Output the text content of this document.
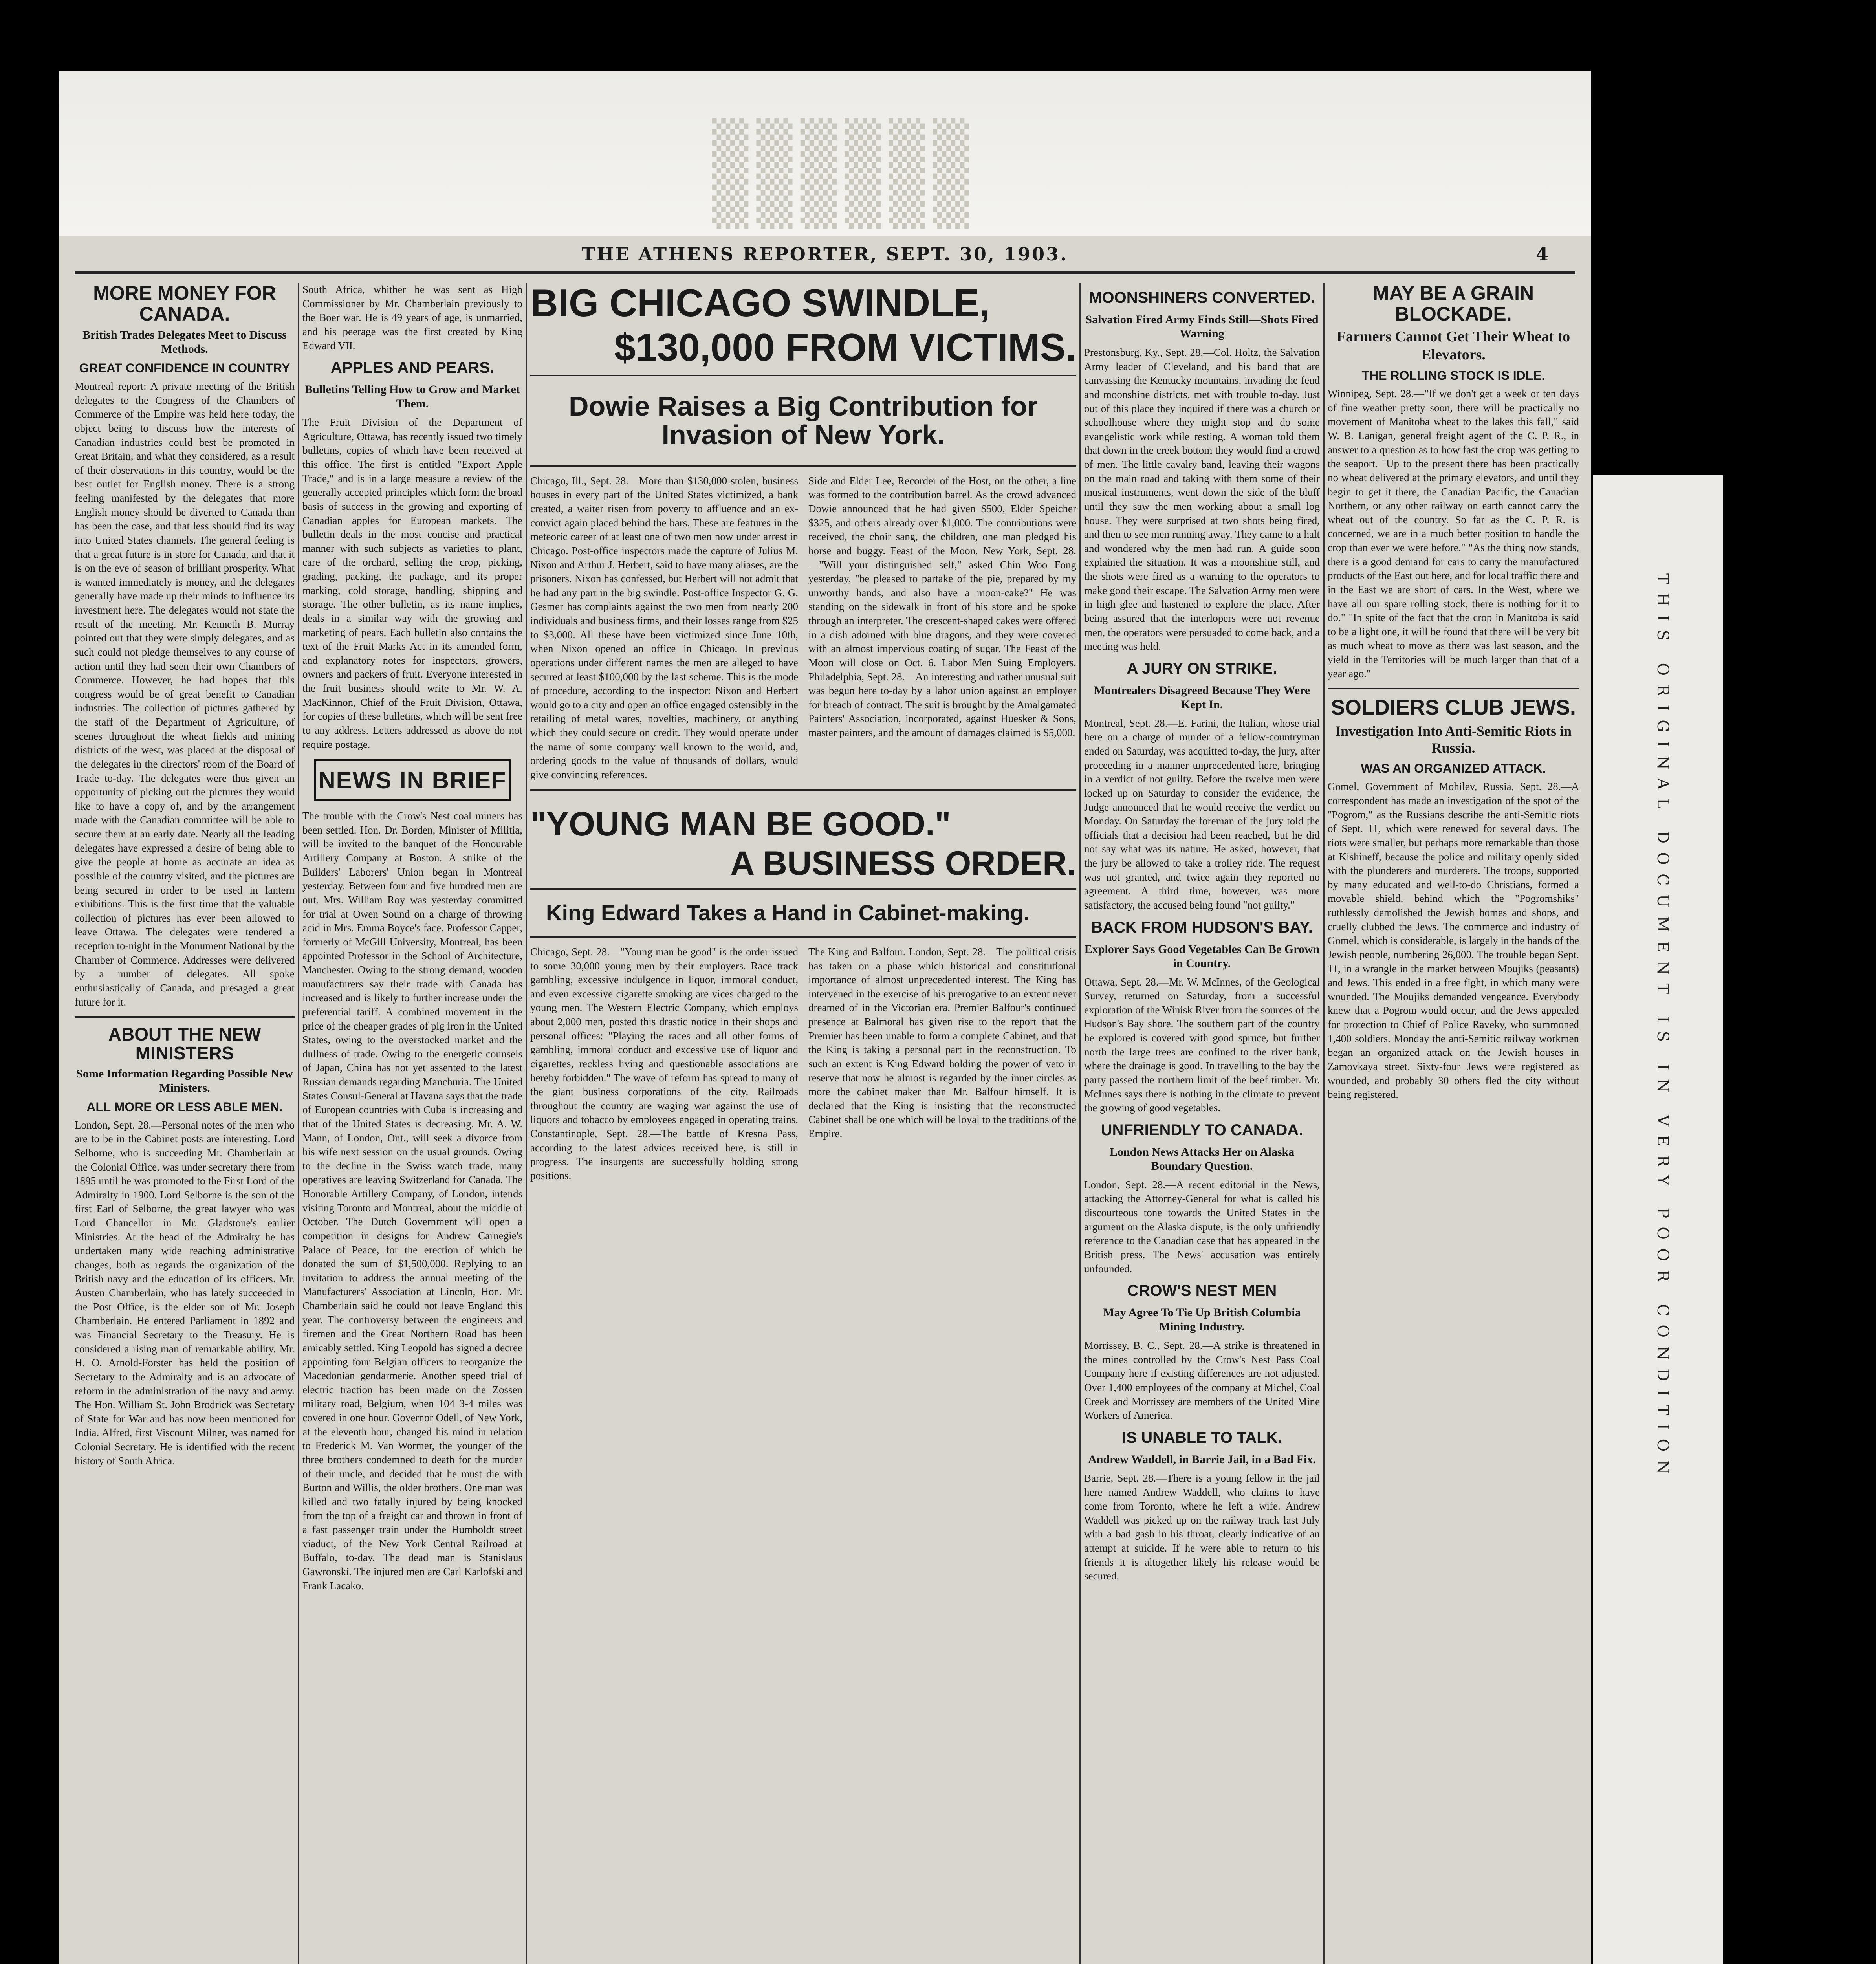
▒▒▒▒▒▒ ▒▒▒▒▒▒
THE ATHENS REPORTER, SEPT. 30, 1903.	4
MORE MONEY FOR CANADA.
British Trades Delegates Meet to Discuss Methods.
GREAT CONFIDENCE IN COUNTRY

Montreal report: A private meeting of the British delegates to the Congress of the Chambers of Commerce of the Empire was held here today, the object being to discuss how the interests of Canadian industries could best be promoted in Great Britain, and what they considered, as a result of their observations in this country, would be the best outlet for English money. There is a strong feeling manifested by the delegates that more English money should be diverted to Canada than has been the case, and that less should find its way into United States channels. The general feeling is that a great future is in store for Canada, and that it is on the eve of season of brilliant prosperity. What is wanted immediately is money, and the delegates generally have made up their minds to influence its investment here. The delegates would not state the result of the meeting. Mr. Kenneth B. Murray pointed out that they were simply delegates, and as such could not pledge themselves to any course of action until they had seen their own Chambers of Commerce. However, he had hopes that this congress would be of great benefit to Canadian industries. The collection of pictures gathered by the staff of the Department of Agriculture, of scenes throughout the wheat fields and mining districts of the west, was placed at the disposal of the delegates in the directors' room of the Board of Trade to-day. The delegates were thus given an opportunity of picking out the pictures they would like to have a copy of, and by the arrangement made with the Canadian committee will be able to secure them at an early date. Nearly all the leading delegates have expressed a desire of being able to give the people at home as accurate an idea as possible of the country visited, and the pictures are being secured in order to be used in lantern exhibitions. This is the first time that the valuable collection of pictures has ever been allowed to leave Ottawa. The delegates were tendered a reception to-night in the Monument National by the Chamber of Commerce. Addresses were delivered by a number of delegates. All spoke enthusiastically of Canada, and presaged a great future for it.

ABOUT THE NEW MINISTERS
Some Information Regarding Possible New Ministers.
ALL MORE OR LESS ABLE MEN.

London, Sept. 28.—Personal notes of the men who are to be in the Cabinet posts are interesting. Lord Selborne, who is succeeding Mr. Chamberlain at the Colonial Office, was under secretary there from 1895 until he was promoted to the First Lord of the Admiralty in 1900. Lord Selborne is the son of the first Earl of Selborne, the great lawyer who was Lord Chancellor in Mr. Gladstone's earlier Ministries. At the head of the Admiralty he has undertaken many wide reaching administrative changes, both as regards the organization of the British navy and the education of its officers. Mr. Austen Chamberlain, who has lately succeeded in the Post Office, is the elder son of Mr. Joseph Chamberlain. He entered Parliament in 1892 and was Financial Secretary to the Treasury. He is considered a rising man of remarkable ability. Mr. H. O. Arnold-Forster has held the position of Secretary to the Admiralty and is an advocate of reform in the administration of the navy and army. The Hon. William St. John Brodrick was Secretary of State for War and has now been mentioned for India. Alfred, first Viscount Milner, was named for Colonial Secretary. He is identified with the recent history of South Africa.

South Africa, whither he was sent as High Commissioner by Mr. Chamberlain previously to the Boer war. He is 49 years of age, is unmarried, and his peerage was the first created by King Edward VII.

APPLES AND PEARS.
Bulletins Telling How to Grow and Market Them.

The Fruit Division of the Department of Agriculture, Ottawa, has recently issued two timely bulletins, copies of which have been received at this office. The first is entitled "Export Apple Trade," and is in a large measure a review of the generally accepted principles which form the broad basis of success in the growing and exporting of Canadian apples for European markets. The bulletin deals in the most concise and practical manner with such subjects as varieties to plant, care of the orchard, selling the crop, picking, grading, packing, the package, and its proper marking, cold storage, handling, shipping and storage. The other bulletin, as its name implies, deals in a similar way with the growing and marketing of pears. Each bulletin also contains the text of the Fruit Marks Act in its amended form, and explanatory notes for inspectors, growers, owners and packers of fruit. Everyone interested in the fruit business should write to Mr. W. A. MacKinnon, Chief of the Fruit Division, Ottawa, for copies of these bulletins, which will be sent free to any address. Letters addressed as above do not require postage.

NEWS IN BRIEF

The trouble with the Crow's Nest coal miners has been settled. Hon. Dr. Borden, Minister of Militia, will be invited to the banquet of the Honourable Artillery Company at Boston. A strike of the Builders' Laborers' Union began in Montreal yesterday. Between four and five hundred men are out. Mrs. William Roy was yesterday committed for trial at Owen Sound on a charge of throwing acid in Mrs. Emma Boyce's face. Professor Capper, formerly of McGill University, Montreal, has been appointed Professor in the School of Architecture, Manchester. Owing to the strong demand, wooden manufacturers say their trade with Canada has increased and is likely to further increase under the preferential tariff. A combined movement in the price of the cheaper grades of pig iron in the United States, owing to the overstocked market and the dullness of trade. Owing to the energetic counsels of Japan, China has not yet assented to the latest Russian demands regarding Manchuria. The United States Consul-General at Havana says that the trade of European countries with Cuba is increasing and that of the United States is decreasing. Mr. A. W. Mann, of London, Ont., will seek a divorce from his wife next session on the usual grounds. Owing to the decline in the Swiss watch trade, many operatives are leaving Switzerland for Canada. The Honorable Artillery Company, of London, intends visiting Toronto and Montreal, about the middle of October. The Dutch Government will open a competition in designs for Andrew Carnegie's Palace of Peace, for the erection of which he donated the sum of $1,500,000. Replying to an invitation to address the annual meeting of the Manufacturers' Association at Lincoln, Hon. Mr. Chamberlain said he could not leave England this year. The controversy between the engineers and firemen and the Great Northern Road has been amicably settled. King Leopold has signed a decree appointing four Belgian officers to reorganize the Macedonian gendarmerie. Another speed trial of electric traction has been made on the Zossen military road, Belgium, when 104 3-4 miles was covered in one hour. Governor Odell, of New York, at the eleventh hour, changed his mind in relation to Frederick M. Van Wormer, the younger of the three brothers condemned to death for the murder of their uncle, and decided that he must die with Burton and Willis, the older brothers. One man was killed and two fatally injured by being knocked from the top of a freight car and thrown in front of a fast passenger train under the Humboldt street viaduct, of the New York Central Railroad at Buffalo, to-day. The dead man is Stanislaus Gawronski. The injured men are Carl Karlofski and Frank Lacako.

BIG CHICAGO SWINDLE,
$130,000 FROM VICTIMS.
Dowie Raises a Big Contribution for Invasion of New York.

Chicago, Ill., Sept. 28.—More than $130,000 stolen, business houses in every part of the United States victimized, a bank created, a waiter risen from poverty to affluence and an ex-convict again placed behind the bars. These are features in the meteoric career of at least one of two men now under arrest in Chicago. Post-office inspectors made the capture of Julius M. Nixon and Arthur J. Herbert, said to have many aliases, are the prisoners. Nixon has confessed, but Herbert will not admit that he had any part in the big swindle. Post-office Inspector G. G. Gesmer has complaints against the two men from nearly 200 individuals and business firms, and their losses range from $25 to $3,000. All these have been victimized since June 10th, when Nixon opened an office in Chicago. In previous operations under different names the men are alleged to have secured at least $100,000 by the last scheme. This is the mode of procedure, according to the inspector: Nixon and Herbert would go to a city and open an office engaged ostensibly in the retailing of metal wares, novelties, machinery, or anything which they could secure on credit. They would operate under the name of some company well known to the world, and, ordering goods to the value of thousands of dollars, would give convincing references.

Side and Elder Lee, Recorder of the Host, on the other, a line was formed to the contribution barrel. As the crowd advanced Dowie announced that he had given $500, Elder Speicher $325, and others already over $1,000. The contributions were received, the choir sang, the children, one man pledged his horse and buggy. Feast of the Moon. New York, Sept. 28.—"Will your distinguished self," asked Chin Woo Fong yesterday, "be pleased to partake of the pie, prepared by my unworthy hands, and also have a moon-cake?" He was standing on the sidewalk in front of his store and he spoke through an interpreter. The crescent-shaped cakes were offered in a dish adorned with blue dragons, and they were covered with an almost impervious coating of sugar. The Feast of the Moon will close on Oct. 6. Labor Men Suing Employers. Philadelphia, Sept. 28.—An interesting and rather unusual suit was begun here to-day by a labor union against an employer for breach of contract. The suit is brought by the Amalgamated Painters' Association, incorporated, against Huesker & Sons, master painters, and the amount of damages claimed is $5,000.

"YOUNG MAN BE GOOD."
A BUSINESS ORDER.
King Edward Takes a Hand in Cabinet-making.

Chicago, Sept. 28.—"Young man be good" is the order issued to some 30,000 young men by their employers. Race track gambling, excessive indulgence in liquor, immoral conduct, and even excessive cigarette smoking are vices charged to the young men. The Western Electric Company, which employs about 2,000 men, posted this drastic notice in their shops and personal offices: "Playing the races and all other forms of gambling, immoral conduct and excessive use of liquor and cigarettes, reckless living and questionable associations are hereby forbidden." The wave of reform has spread to many of the giant business corporations of the city. Railroads throughout the country are waging war against the use of liquors and tobacco by employees engaged in operating trains. Constantinople, Sept. 28.—The battle of Kresna Pass, according to the latest advices received here, is still in progress. The insurgents are successfully holding strong positions.

The King and Balfour. London, Sept. 28.—The political crisis has taken on a phase which historical and constitutional importance of almost unprecedented interest. The King has intervened in the exercise of his prerogative to an extent never dreamed of in the Victorian era. Premier Balfour's continued presence at Balmoral has given rise to the report that the Premier has been unable to form a complete Cabinet, and that the King is taking a personal part in the reconstruction. To such an extent is King Edward holding the power of veto in reserve that now he almost is regarded by the inner circles as more the cabinet maker than Mr. Balfour himself. It is declared that the King is insisting that the reconstructed Cabinet shall be one which will be loyal to the traditions of the Empire.

MOONSHINERS CONVERTED.
Salvation Fired Army Finds Still—Shots Fired Warning

Prestonsburg, Ky., Sept. 28.—Col. Holtz, the Salvation Army leader of Cleveland, and his band that are canvassing the Kentucky mountains, invading the feud and moonshine districts, met with trouble to-day. Just out of this place they inquired if there was a church or schoolhouse where they might stop and do some evangelistic work while resting. A woman told them that down in the creek bottom they would find a crowd of men. The little cavalry band, leaving their wagons on the main road and taking with them some of their musical instruments, went down the side of the bluff until they saw the men working about a small log house. They were surprised at two shots being fired, and then to see men running away. They came to a halt and wondered why the men had run. A guide soon explained the situation. It was a moonshine still, and the shots were fired as a warning to the operators to make good their escape. The Salvation Army men were in high glee and hastened to explore the place. After being assured that the interlopers were not revenue men, the operators were persuaded to come back, and a meeting was held.

A JURY ON STRIKE.
Montrealers Disagreed Because They Were Kept In.

Montreal, Sept. 28.—E. Farini, the Italian, whose trial here on a charge of murder of a fellow-countryman ended on Saturday, was acquitted to-day, the jury, after proceeding in a manner unprecedented here, bringing in a verdict of not guilty. Before the twelve men were locked up on Saturday to consider the evidence, the Judge announced that he would receive the verdict on Monday. On Saturday the foreman of the jury told the officials that a decision had been reached, but he did not say what was its nature. He asked, however, that the jury be allowed to take a trolley ride. The request was not granted, and twice again they reported no agreement. A third time, however, was more satisfactory, the accused being found "not guilty."

BACK FROM HUDSON'S BAY.
Explorer Says Good Vegetables Can Be Grown in Country.

Ottawa, Sept. 28.—Mr. W. McInnes, of the Geological Survey, returned on Saturday, from a successful exploration of the Winisk River from the sources of the Hudson's Bay shore. The southern part of the country he explored is covered with good spruce, but further north the large trees are confined to the river bank, where the drainage is good. In travelling to the bay the party passed the northern limit of the beef timber. Mr. McInnes says there is nothing in the climate to prevent the growing of good vegetables.

UNFRIENDLY TO CANADA.
London News Attacks Her on Alaska Boundary Question.

London, Sept. 28.—A recent editorial in the News, attacking the Attorney-General for what is called his discourteous tone towards the United States in the argument on the Alaska dispute, is the only unfriendly reference to the Canadian case that has appeared in the British press. The News' accusation was entirely unfounded.

CROW'S NEST MEN
May Agree To Tie Up British Columbia Mining Industry.

Morrissey, B. C., Sept. 28.—A strike is threatened in the mines controlled by the Crow's Nest Pass Coal Company here if existing differences are not adjusted. Over 1,400 employees of the company at Michel, Coal Creek and Morrissey are members of the United Mine Workers of America.

IS UNABLE TO TALK.
Andrew Waddell, in Barrie Jail, in a Bad Fix.

Barrie, Sept. 28.—There is a young fellow in the jail here named Andrew Waddell, who claims to have come from Toronto, where he left a wife. Andrew Waddell was picked up on the railway track last July with a bad gash in his throat, clearly indicative of an attempt at suicide. If he were able to return to his friends it is altogether likely his release would be secured.

MAY BE A GRAIN BLOCKADE.
Farmers Cannot Get Their Wheat to Elevators.
THE ROLLING STOCK IS IDLE.

Winnipeg, Sept. 28.—"If we don't get a week or ten days of fine weather pretty soon, there will be practically no movement of Manitoba wheat to the lakes this fall," said W. B. Lanigan, general freight agent of the C. P. R., in answer to a question as to how fast the crop was getting to the seaport. "Up to the present there has been practically no wheat delivered at the primary elevators, and until they begin to get it there, the Canadian Pacific, the Canadian Northern, or any other railway on earth cannot carry the wheat out of the country. So far as the C. P. R. is concerned, we are in a much better position to handle the crop than ever we were before." "As the thing now stands, there is a good demand for cars to carry the manufactured products of the East out here, and for local traffic there and in the East we are short of cars. In the West, where we have all our spare rolling stock, there is nothing for it to do." "In spite of the fact that the crop in Manitoba is said to be a light one, it will be found that there will be very bit as much wheat to move as there was last season, and the yield in the Territories will be much larger than that of a year ago."

SOLDIERS CLUB JEWS.
Investigation Into Anti-Semitic Riots in Russia.
WAS AN ORGANIZED ATTACK.

Gomel, Government of Mohilev, Russia, Sept. 28.—A correspondent has made an investigation of the spot of the "Pogrom," as the Russians describe the anti-Semitic riots of Sept. 11, which were renewed for several days. The riots were smaller, but perhaps more remarkable than those at Kishineff, because the police and military openly sided with the plunderers and murderers. The troops, supported by many educated and well-to-do Christians, formed a movable shield, behind which the "Pogromshiks" ruthlessly demolished the Jewish homes and shops, and cruelly clubbed the Jews. The commerce and industry of Gomel, which is considerable, is largely in the hands of the Jewish people, numbering 26,000. The trouble began Sept. 11, in a wrangle in the market between Moujiks (peasants) and Jews. This ended in a free fight, in which many were wounded. The Moujiks demanded vengeance. Everybody knew that a Pogrom would occur, and the Jews appealed for protection to Chief of Police Raveky, who summoned 1,400 soldiers. Monday the anti-Semitic railway workmen began an organized attack on the Jewish houses in Zamovkaya street. Sixty-four Jews were registered as wounded, and probably 30 others fled the city without being registered.	THIS ORIGINAL DOCUMENT IS IN VERY POOR CONDITION
